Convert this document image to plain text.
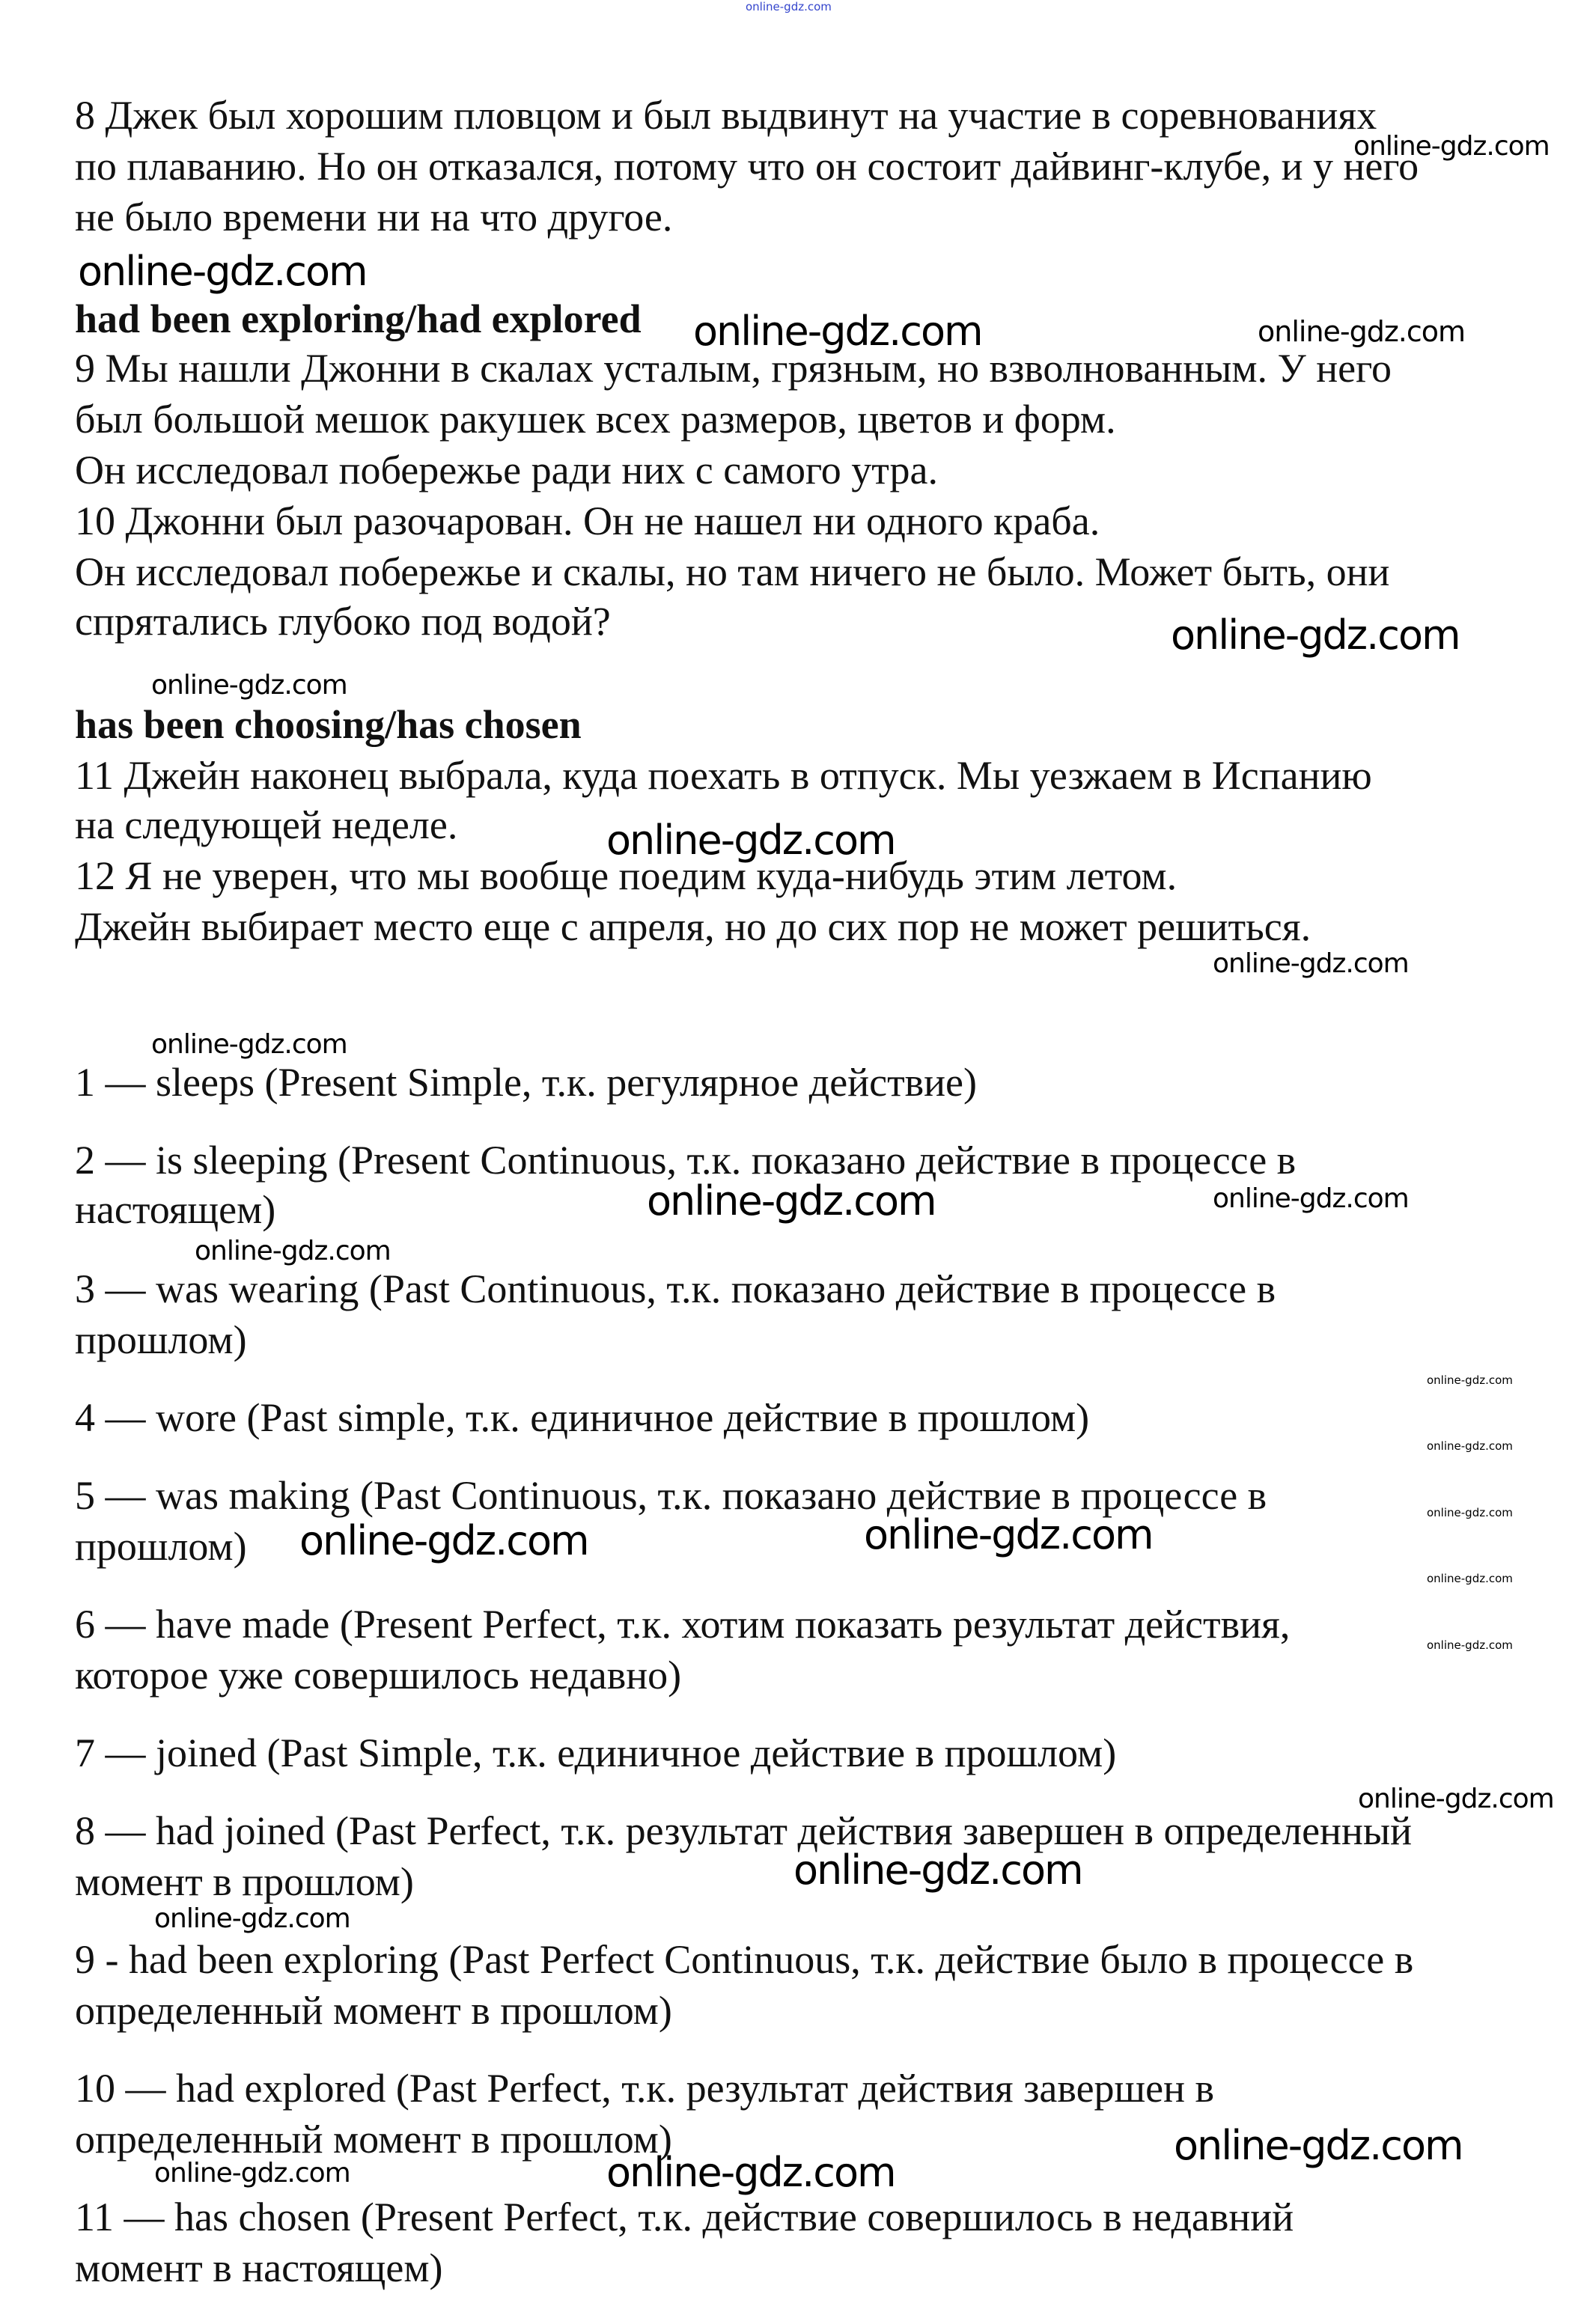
online-gdz.com
online-gdz.com
online-gdz.com
online-gdz.com	online-gdz.com
online-gdz.com
online-gdz.com
online-gdz.com
online-gdz.com
online-gdz.com
online-gdz.com	online-gdz.com
online-gdz.com
online-gdz.com
online-gdz.com
online-gdz.com
online-gdz.com
online-gdz.com
online-gdz.com	online-gdz.com
online-gdz.com
online-gdz.com
online-gdz.com
online-gdz.com	online-gdz.com
online-gdz.com
8 Джек был хорошим пловцом и был выдвинут на участие в соревнованиях
по плаванию. Но он отказался, потому что он состоит дайвинг-клубе, и у него
не было времени ни на что другое.
had been exploring/had explored
9 Мы нашли Джонни в скалах усталым, грязным, но взволнованным. У него
был большой мешок ракушек всех размеров, цветов и форм.
Он исследовал побережье ради них с самого утра.
10 Джонни был разочарован. Он не нашел ни одного краба.
Он исследовал побережье и скалы, но там ничего не было. Может быть, они
спрятались глубоко под водой?
has been choosing/has chosen
11 Джейн наконец выбрала, куда поехать в отпуск. Мы уезжаем в Испанию
на следующей неделе.
12 Я не уверен, что мы вообще поедим куда-нибудь этим летом.
Джейн выбирает место еще с апреля, но до сих пор не может решиться.
1 — sleeps (Present Simple, т.к. регулярное действие)
2 — is sleeping (Present Continuous, т.к. показано действие в процессе в
настоящем)
3 — was wearing (Past Continuous, т.к. показано действие в процессе в
прошлом)
4 — wore (Past simple, т.к. единичное действие в прошлом)
5 — was making (Past Continuous, т.к. показано действие в процессе в
прошлом)
6 — have made (Present Perfect, т.к. хотим показать результат действия,
которое уже совершилось недавно)
7 — joined (Past Simple, т.к. единичное действие в прошлом)
8 — had joined (Past Perfect, т.к. результат действия завершен в определенный
момент в прошлом)
9 - had been exploring (Past Perfect Continuous, т.к. действие было в процессе в
определенный момент в прошлом)
10 — had explored (Past Perfect, т.к. результат действия завершен в
определенный момент в прошлом)
11 — has chosen (Present Perfect, т.к. действие совершилось в недавний
момент в настоящем)
